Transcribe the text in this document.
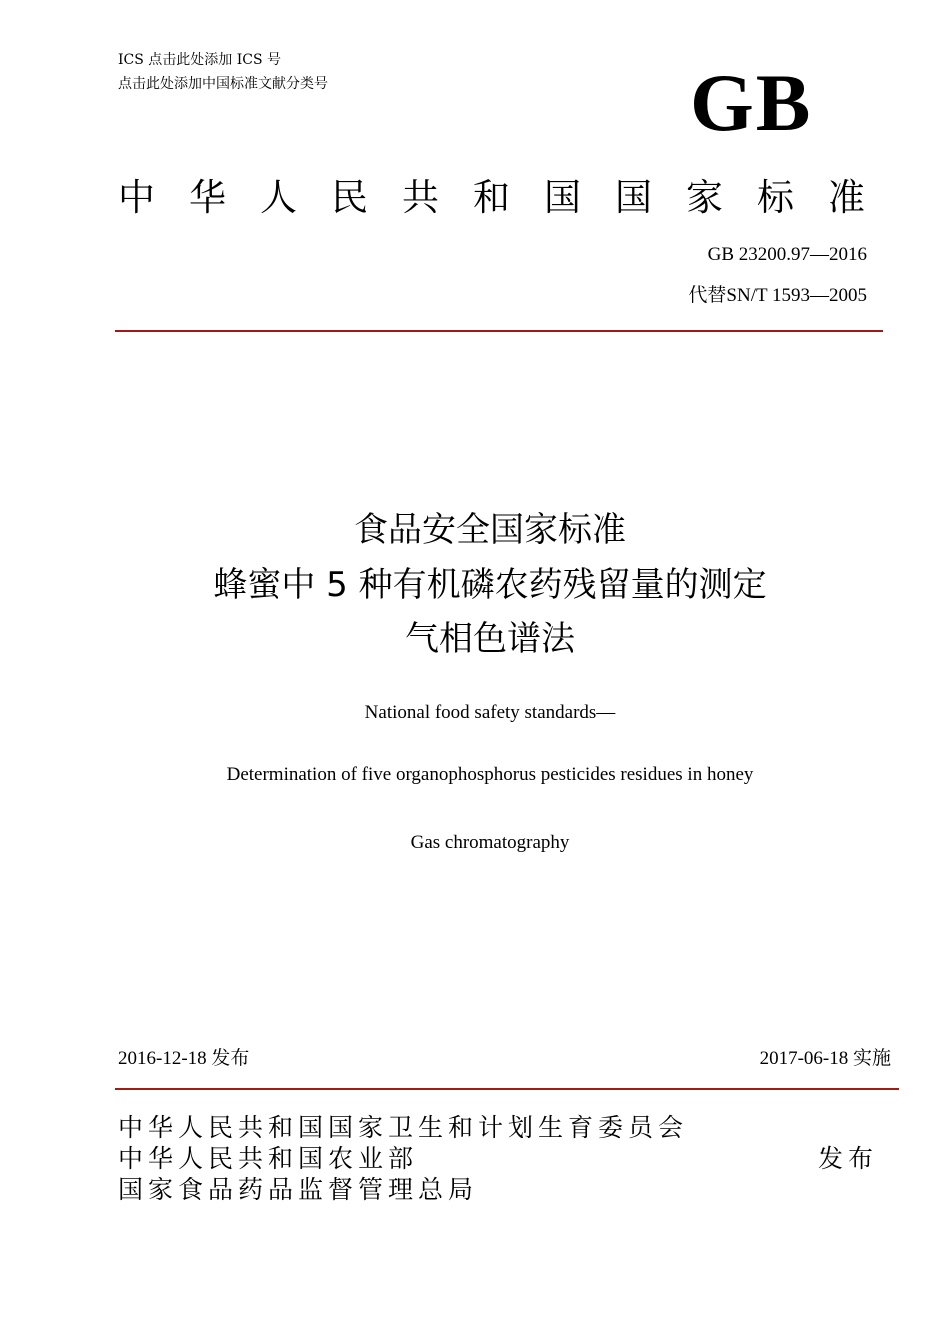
ICS 点击此处添加 ICS 号
点击此处添加中国标准文献分类号	GB
中华人民共和国国家标准
GB 23200.97—2016
代替SN/T 1593—2005
食品安全国家标准
蜂蜜中 5 种有机磷农药残留量的测定
气相色谱法
National food safety standards—
Determination of five organophosphorus pesticides residues in honey
Gas chromatography
2016-12-18 发布	2017-06-18 实施
中华人民共和国国家卫生和计划生育委员会
中华人民共和国农业部
国家食品药品监督管理总局
发布
